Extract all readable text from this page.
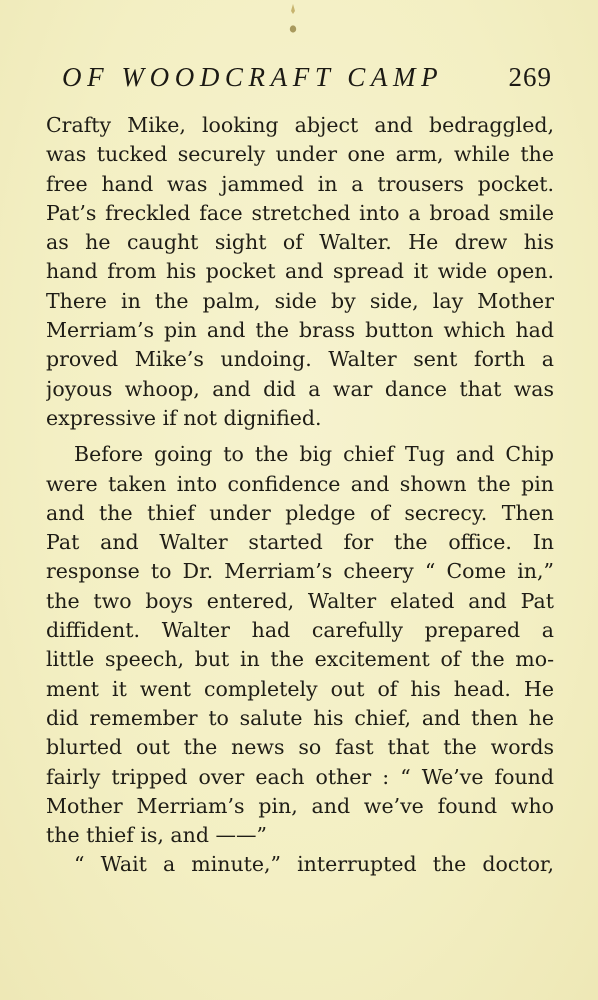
OF WOODCRAFT CAMP 269
Crafty Mike, looking abject and bedraggled,
was tucked securely under one arm, while the
free hand was jammed in a trousers pocket.
Pat’s freckled face stretched into a broad smile
as he caught sight of Walter. He drew his
hand from his pocket and spread it wide open.
There in the palm, side by side, lay Mother
Merriam’s pin and the brass button which had
proved Mike’s undoing. Walter sent forth a
joyous whoop, and did a war dance that was
expressive if not dignified.
Before going to the big chief Tug and Chip
were taken into confidence and shown the pin
and the thief under pledge of secrecy. Then
Pat and Walter started for the office. In
response to Dr. Merriam’s cheery “ Come in,”
the two boys entered, Walter elated and Pat
diffident. Walter had carefully prepared a
little speech, but in the excitement of the mo-
ment it went completely out of his head. He
did remember to salute his chief, and then he
blurted out the news so fast that the words
fairly tripped over each other : “ We’ve found
Mother Merriam’s pin, and we’ve found who
the thief is, and ——”
“ Wait a minute,” interrupted the doctor,
